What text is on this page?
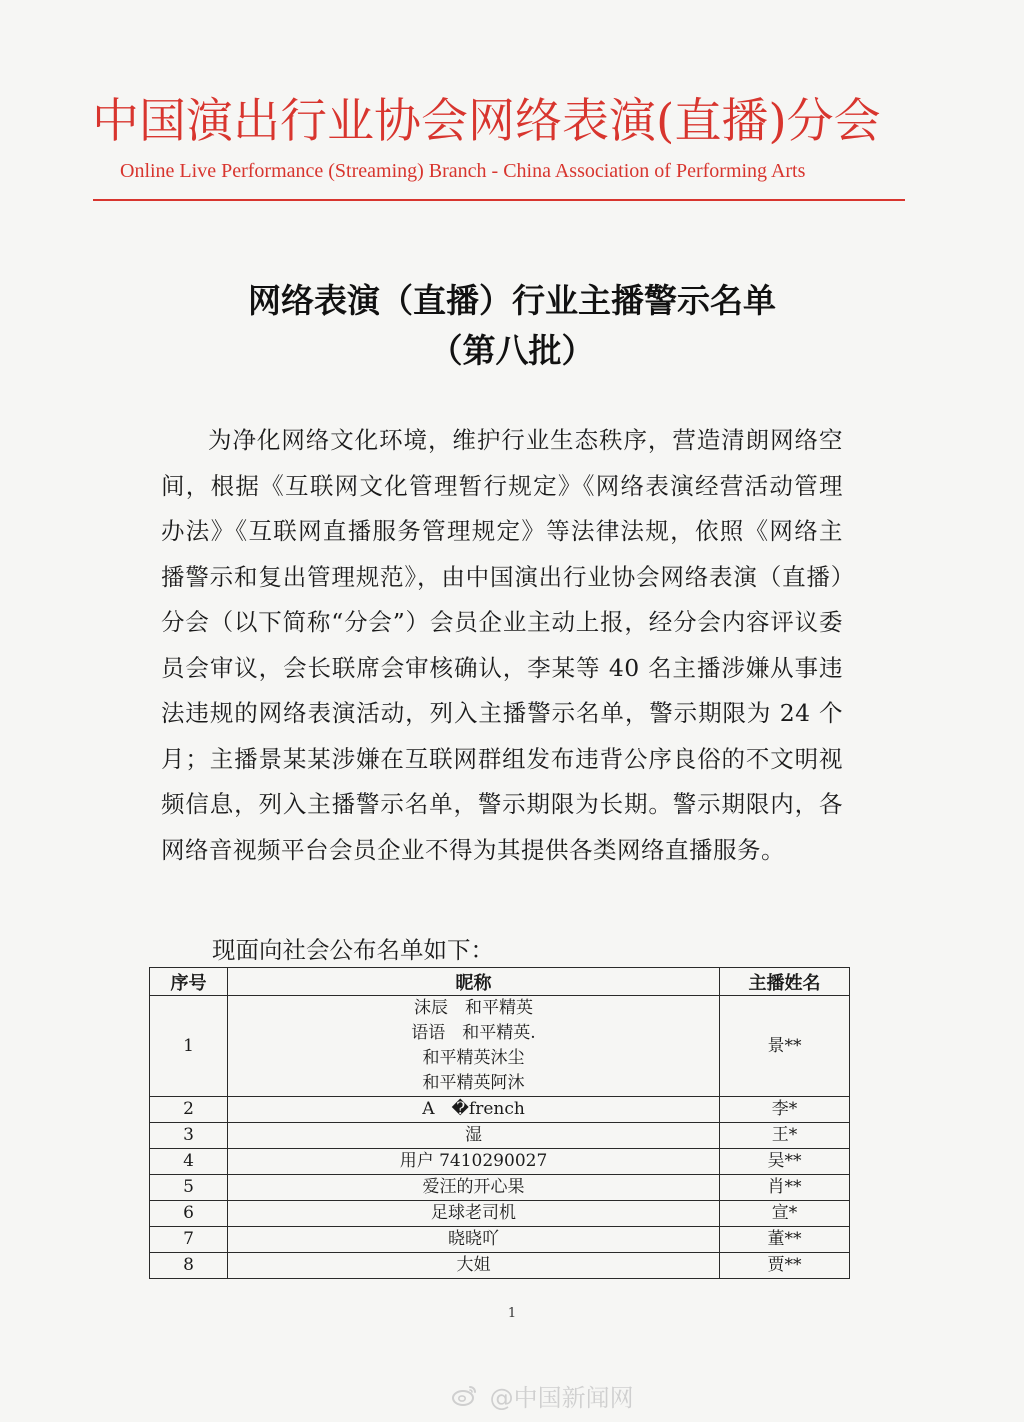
中国演出行业协会网络表演(直播)分会
Online Live Performance (Streaming) Branch - China Association of Performing Arts
网络表演（直播）行业主播警示名单
（第八批）
为净化网络文化环境，维护行业生态秩序，营造清朗网络空间，根据《互联网文化管理暂行规定》《网络表演经营活动管理办法》《互联网直播服务管理规定》等法律法规，依照《网络主播警示和复出管理规范》，由中国演出行业协会网络表演（直播）分会（以下简称“分会”）会员企业主动上报，经分会内容评议委员会审议，会长联席会审核确认，李某等 40 名主播涉嫌从事违法违规的网络表演活动，列入主播警示名单，警示期限为 24 个月；主播景某某涉嫌在互联网群组发布违背公序良俗的不文明视频信息，列入主播警示名单，警示期限为长期。警示期限内，各网络音视频平台会员企业不得为其提供各类网络直播服务。
现面向社会公布名单如下：
序号	昵称	主播姓名
1	沫辰　和平精英
语语　和平精英.
和平精英沐尘
和平精英阿沐	景**
2	A　�french	李*
3	湿	王*
4	用户 7410290027	吴**
5	爱汪的开心果	肖**
6	足球老司机	宣*
7	晓晓吖	董**
8	大姐	贾**
1
@中国新闻网
